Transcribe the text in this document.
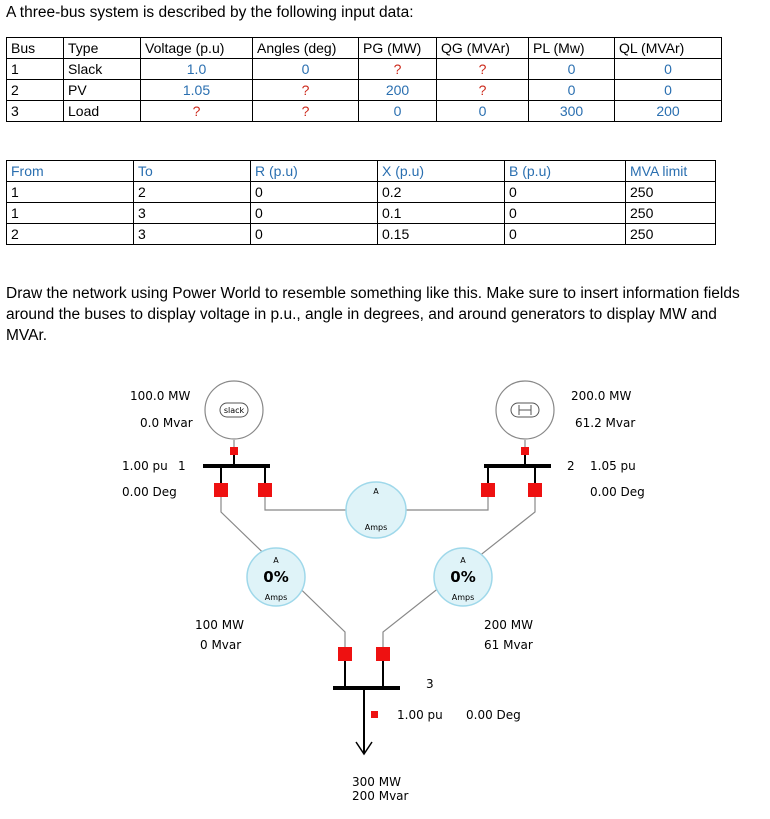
A three-bus system is described by the following input data:
Bus	Type	Voltage (p.u)	Angles (deg)	PG (MW)	QG (MVAr)	PL (Mw)	QL (MVAr)
1	Slack	1.0	0	?	?	0	0
2	PV	1.05	?	200	?	0	0
3	Load	?	?	0	0	300	200
From	To	R (p.u)	X (p.u)	B (p.u)	MVA limit
1	2	0	0.2	0	250
1	3	0	0.1	0	250
2	3	0	0.15	0	250
Draw the network using Power World to resemble something like this. Make sure to insert information fields around the buses to display voltage in p.u., angle in degrees, and around generators to display MW and MVAr.
slack
A
Amps
A
0%
Amps
A
0%
Amps
100.0 MW
0.0 Mvar
200.0 MW
61.2 Mvar
1.00 pu 1
0.00 Deg
2 1.05 pu
0.00 Deg
100 MW
0 Mvar
200 MW
61 Mvar
3
1.00 pu 0.00 Deg
300 MW
200 Mvar
